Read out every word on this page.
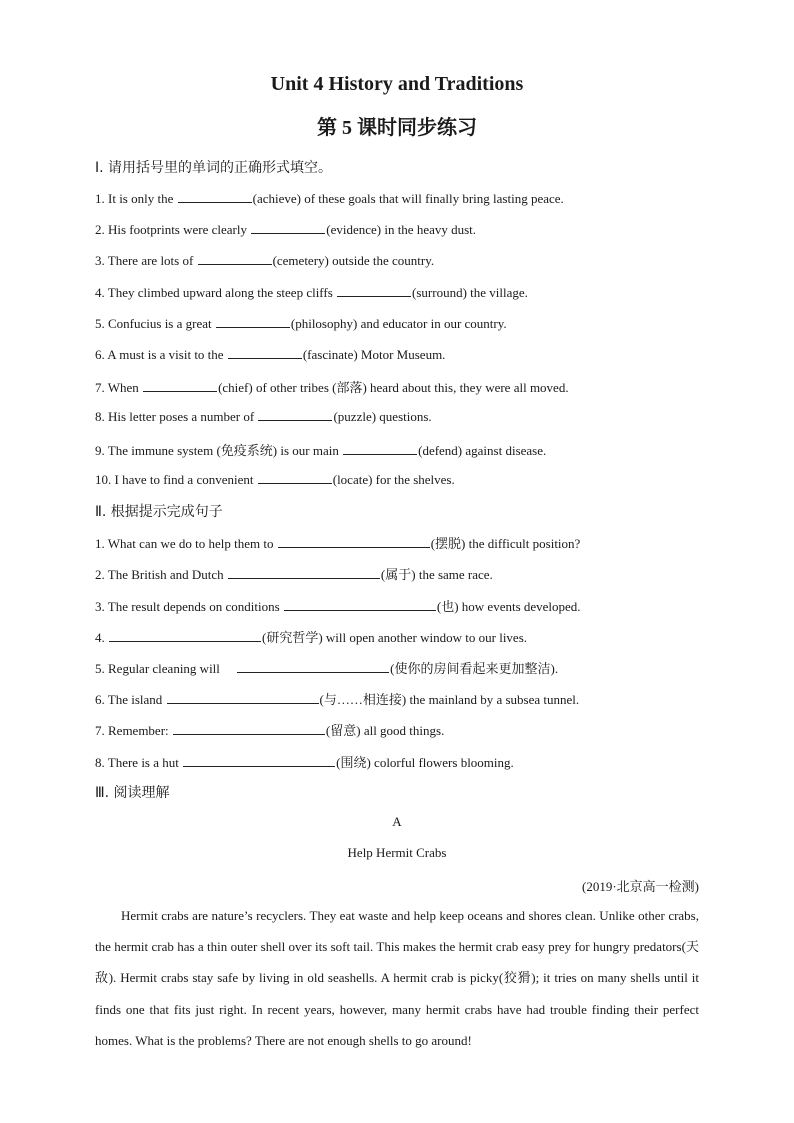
Unit 4 History and Traditions
第 5 课时同步练习
Ⅰ. 请用括号里的单词的正确形式填空。
1. It is only the	(achieve) of these goals that will finally bring lasting peace.
2. His footprints were clearly	(evidence) in the heavy dust.
3. There are lots of	(cemetery) outside the country.
4. They climbed upward along the steep cliffs	(surround) the village.
5. Confucius is a great	(philosophy) and educator in our country.
6. A must is a visit to the	(fascinate) Motor Museum.
7. When	(chief) of other tribes (部落) heard about this, they were all moved.
8. His letter poses a number of	(puzzle) questions.
9. The immune system (免疫系统) is our main	(defend) against disease.
10. I have to find a convenient	(locate) for the shelves.
Ⅱ. 根据提示完成句子
1. What can we do to help them to	(摆脱) the difficult position?
2. The British and Dutch	(属于) the same race.
3. The result depends on conditions	(也) how events developed.
4.	(研究哲学) will open another window to our lives.
5. Regular cleaning will	(使你的房间看起来更加整洁).
6. The island	(与……相连接) the mainland by a subsea tunnel.
7. Remember:	(留意) all good things.
8. There is a hut	(围绕) colorful flowers blooming.
Ⅲ. 阅读理解
A
Help Hermit Crabs
(2019·北京高一检测)

Hermit crabs are nature’s recyclers. They eat waste and help keep oceans and shores clean. Unlike other crabs, the hermit crab has a thin outer shell over its soft tail. This makes the hermit crab easy prey for hungry predators(天敌). Hermit crabs stay safe by living in old seashells. A hermit crab is picky(狡猾); it tries on many shells until it finds one that fits just right. In recent years, however, many hermit crabs have had trouble finding their perfect homes. What is the problems? There are not enough shells to go around!
